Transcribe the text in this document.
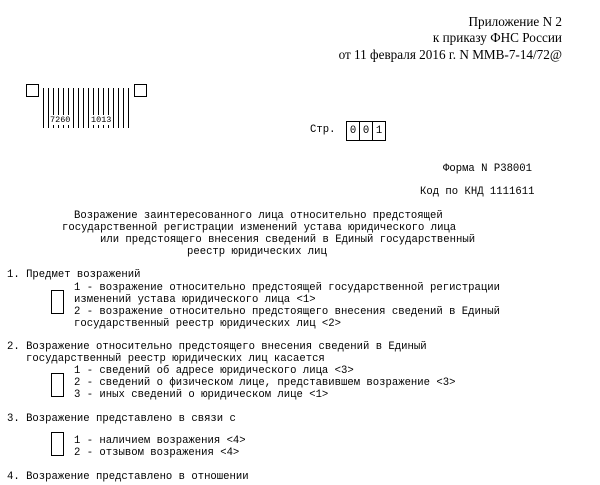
Приложение N 2
к приказу ФНС России
от 11 февраля 2016 г. N ММВ-7-14/72@
7260 1013
Стр.	0 0 1
Форма N Р38001
Код по КНД 1111611
Возражение заинтересованного лица относительно предстоящей
государственной регистрации изменений устава юридического лица
или предстоящего внесения сведений в Единый государственный
реестр юридических лиц
1. Предмет возражений
1 - возражение относительно предстоящей государственной регистрации
изменений устава юридического лица <1>
2 - возражение относительно предстоящего внесения сведений в Единый
государственный реестр юридических лиц <2>
2. Возражение относительно предстоящего внесения сведений в Единый
государственный реестр юридических лиц касается
1 - сведений об адресе юридического лица <3>
2 - сведений о физическом лице, представившем возражение <3>
3 - иных сведений о юридическом лице <1>
3. Возражение представлено в связи с
1 - наличием возражения <4>
2 - отзывом возражения <4>
4. Возражение представлено в отношении
